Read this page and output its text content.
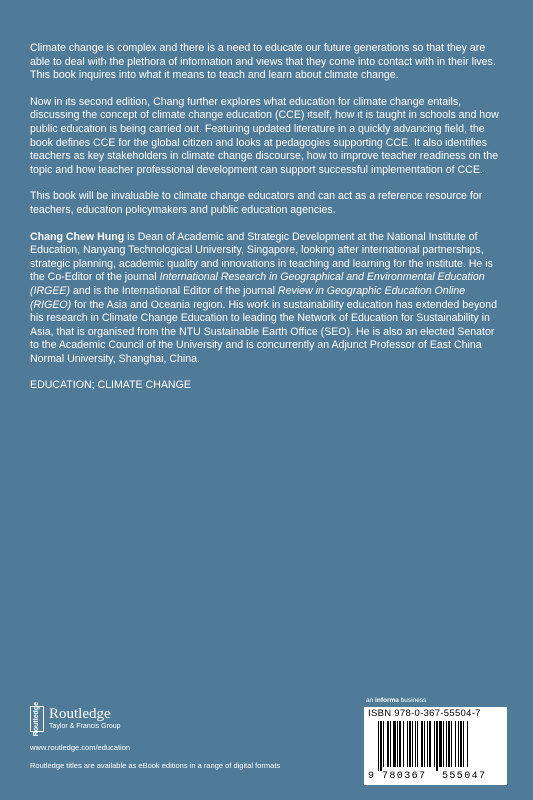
Climate change is complex and there is a need to educate our future generations so that they are able to deal with the plethora of information and views that they come into contact with in their lives. This book inquires into what it means to teach and learn about climate change.

Now in its second edition, Chang further explores what education for climate change entails, discussing the concept of climate change education (CCE) itself, how it is taught in schools and how public education is being carried out. Featuring updated literature in a quickly advancing field, the book defines CCE for the global citizen and looks at pedagogies supporting CCE. It also identifies teachers as key stakeholders in climate change discourse, how to improve teacher readiness on the topic and how teacher professional development can support successful implementation of CCE.

This book will be invaluable to climate change educators and can act as a reference resource for teachers, education policymakers and public education agencies.

Chang Chew Hung is Dean of Academic and Strategic Development at the National Institute of Education, Nanyang Technological University, Singapore, looking after international partnerships, strategic planning, academic quality and innovations in teaching and learning for the institute. He is the Co-Editor of the journal International Research in Geographical and Environmental Education (IRGEE) and is the International Editor of the journal Review in Geographic Education Online (RIGEO) for the Asia and Oceania region. His work in sustainability education has extended beyond his research in Climate Change Education to leading the Network of Education for Sustainability in Asia, that is organised from the NTU Sustainable Earth Office (SEO). He is also an elected Senator to the Academic Council of the University and is concurrently an Adjunct Professor of East China Normal University, Shanghai, China.

EDUCATION; CLIMATE CHANGE

Routledge Routledge
Taylor & Francis Group
www.routledge.com/education
Routledge titles are available as eBook editions in a range of digital formats
an informa business
ISBN 978-0-367-55504-7
9 780367 555047
